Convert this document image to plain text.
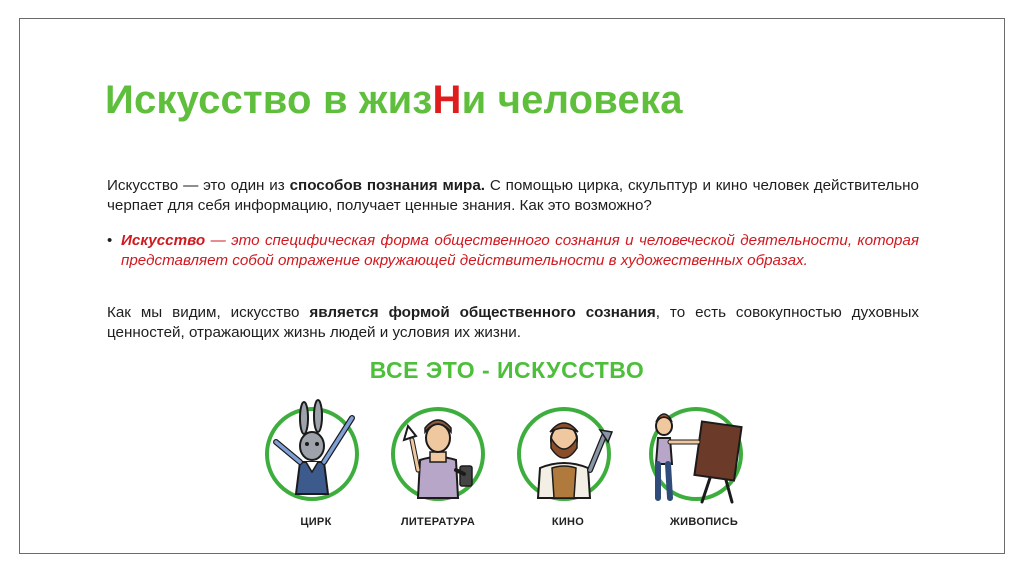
Искусство в жизНи человека
Искусство — это один из способов познания мира. С помощью цирка, скульптур и кино человек действительно черпает для себя информацию, получает ценные знания. Как это возможно?
• Искусство — это специфическая форма общественного сознания и человеческой деятельности, которая представляет собой отражение окружающей действительности в художественных образах.
Как мы видим, искусство является формой общественного сознания, то есть совокупностью духовных ценностей, отражающих жизнь людей и условия их жизни.
ВСЕ ЭТО - ИСКУССТВО
ЦИРК	ЛИТЕРАТУРА	КИНО	ЖИВОПИСЬ
